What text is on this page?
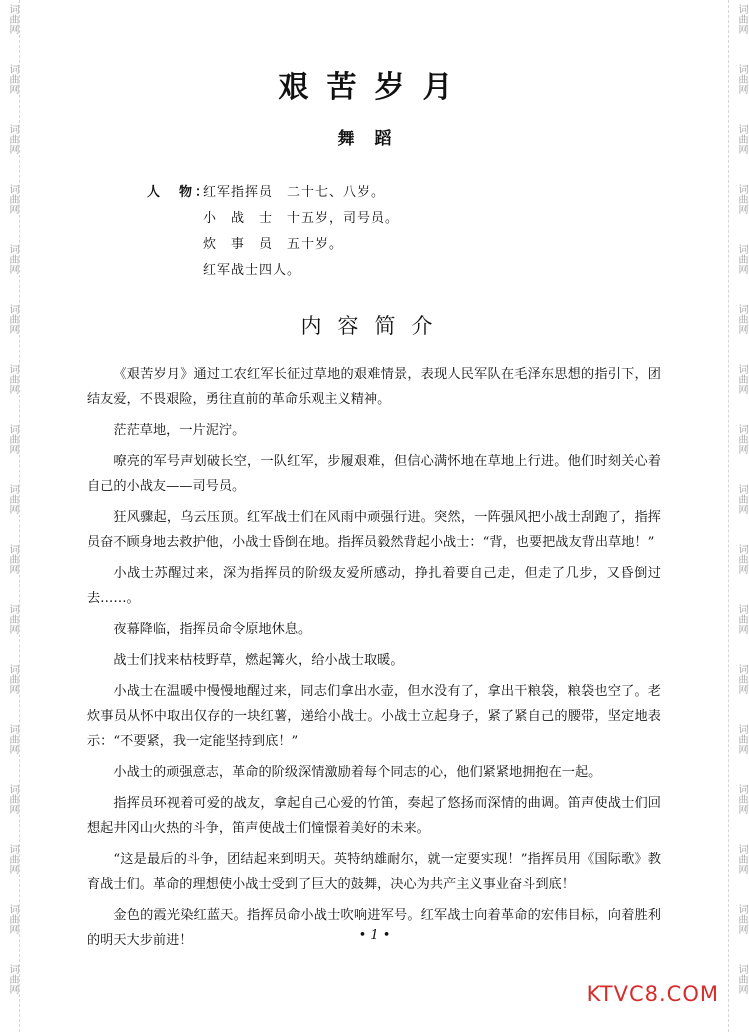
词曲网
词曲网
词曲网
词曲网
词曲网
词曲网
词曲网
词曲网
词曲网
词曲网
词曲网
词曲网
词曲网
词曲网
词曲网
词曲网
词曲网
词曲网
词曲网
词曲网
词曲网
词曲网
词曲网
词曲网
词曲网
词曲网
词曲网
词曲网
词曲网
词曲网
词曲网
词曲网
词曲网
词曲网
艰苦岁月
舞蹈
人　物：
红军指挥员　二十七、八岁。
小　战　士　十五岁，司号员。
炊　事　员　五十岁。
红军战士四人。
内容简介

《艰苦岁月》通过工农红军长征过草地的艰难情景，表现人民军队在毛泽东思想的指引下，团结友爱，不畏艰险，勇往直前的革命乐观主义精神。

茫茫草地，一片泥泞。

嘹亮的军号声划破长空，一队红军，步履艰难，但信心满怀地在草地上行进。他们时刻关心着自己的小战友——司号员。

狂风骤起，乌云压顶。红军战士们在风雨中顽强行进。突然，一阵强风把小战士刮跑了，指挥员奋不顾身地去救护他，小战士昏倒在地。指挥员毅然背起小战士：“背，也要把战友背出草地！”

小战士苏醒过来，深为指挥员的阶级友爱所感动，挣扎着要自己走，但走了几步，又昏倒过去……。

夜幕降临，指挥员命令原地休息。

战士们找来枯枝野草，燃起篝火，给小战士取暖。

小战士在温暖中慢慢地醒过来，同志们拿出水壶，但水没有了，拿出干粮袋，粮袋也空了。老炊事员从怀中取出仅存的一块红薯，递给小战士。小战士立起身子，紧了紧自己的腰带，坚定地表示：“不要紧，我一定能坚持到底！”

小战士的顽强意志，革命的阶级深情激励着每个同志的心，他们紧紧地拥抱在一起。

指挥员环视着可爱的战友，拿起自己心爱的竹笛，奏起了悠扬而深情的曲调。笛声使战士们回想起井冈山火热的斗争，笛声使战士们憧憬着美好的未来。

“这是最后的斗争，团结起来到明天。英特纳雄耐尔，就一定要实现！”指挥员用《国际歌》教育战士们。革命的理想使小战士受到了巨大的鼓舞，决心为共产主义事业奋斗到底！

金色的霞光染红蓝天。指挥员命小战士吹响进军号。红军战士向着革命的宏伟目标，向着胜利的明天大步前进！	• 1 •
KTVC8.COM
